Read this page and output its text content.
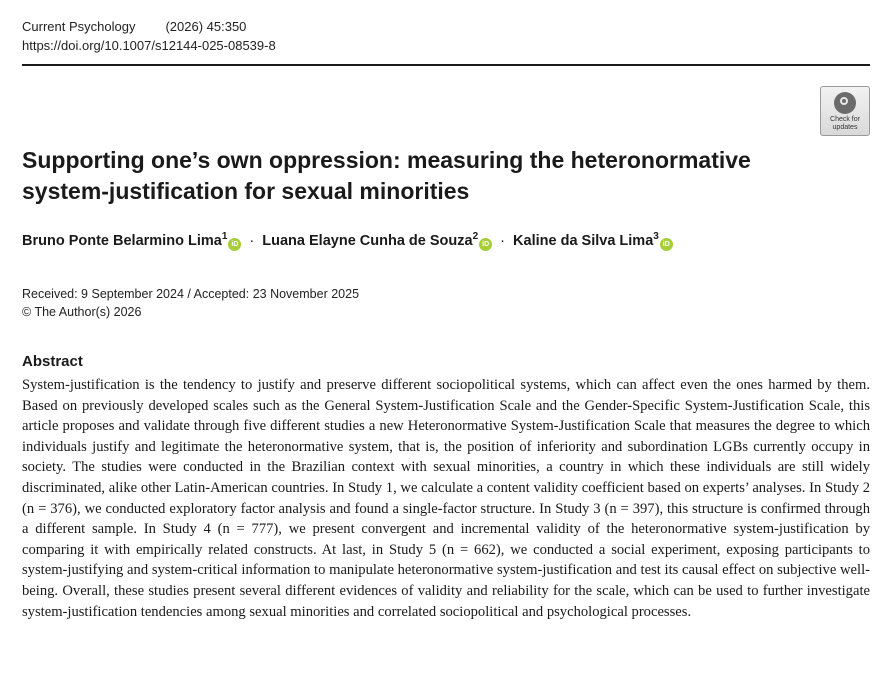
Current Psychology (2026) 45:350
https://doi.org/10.1007/s12144-025-08539-8
Check for
updates
Supporting one’s own oppression: measuring the heteronormative system-justification for sexual minorities
Bruno Ponte Belarmino Lima$^1$iD · Luana Elayne Cunha de Souza$^2$iD · Kaline da Silva Lima$^3$iD
Received: 9 September 2024 / Accepted: 23 November 2025
© The Author(s) 2026
Abstract

System-justification is the tendency to justify and preserve different sociopolitical systems, which can affect even the ones harmed by them. Based on previously developed scales such as the General System-Justification Scale and the Gender-Specific System-Justification Scale, this article proposes and validate through five different studies a new Heteronormative System-Justification Scale that measures the degree to which individuals justify and legitimate the heteronormative system, that is, the position of inferiority and subordination LGBs currently occupy in society. The studies were conducted in the Brazilian context with sexual minorities, a country in which these individuals are still widely discriminated, alike other Latin-American countries. In Study 1, we calculate a content validity coefficient based on experts’ analyses. In Study 2 (n = 376), we conducted exploratory factor analysis and found a single-factor structure. In Study 3 (n = 397), this structure is confirmed through a different sample. In Study 4 (n = 777), we present convergent and incremental validity of the heteronormative system-justification by comparing it with empirically related constructs. At last, in Study 5 (n = 662), we conducted a social experiment, exposing participants to system-justifying and system-critical information to manipulate heteronormative system-justification and test its causal effect on subjective well-being. Overall, these studies present several different evidences of validity and reliability for the scale, which can be used to further investigate system-justification tendencies among sexual minorities and correlated sociopolitical and psychological processes.
